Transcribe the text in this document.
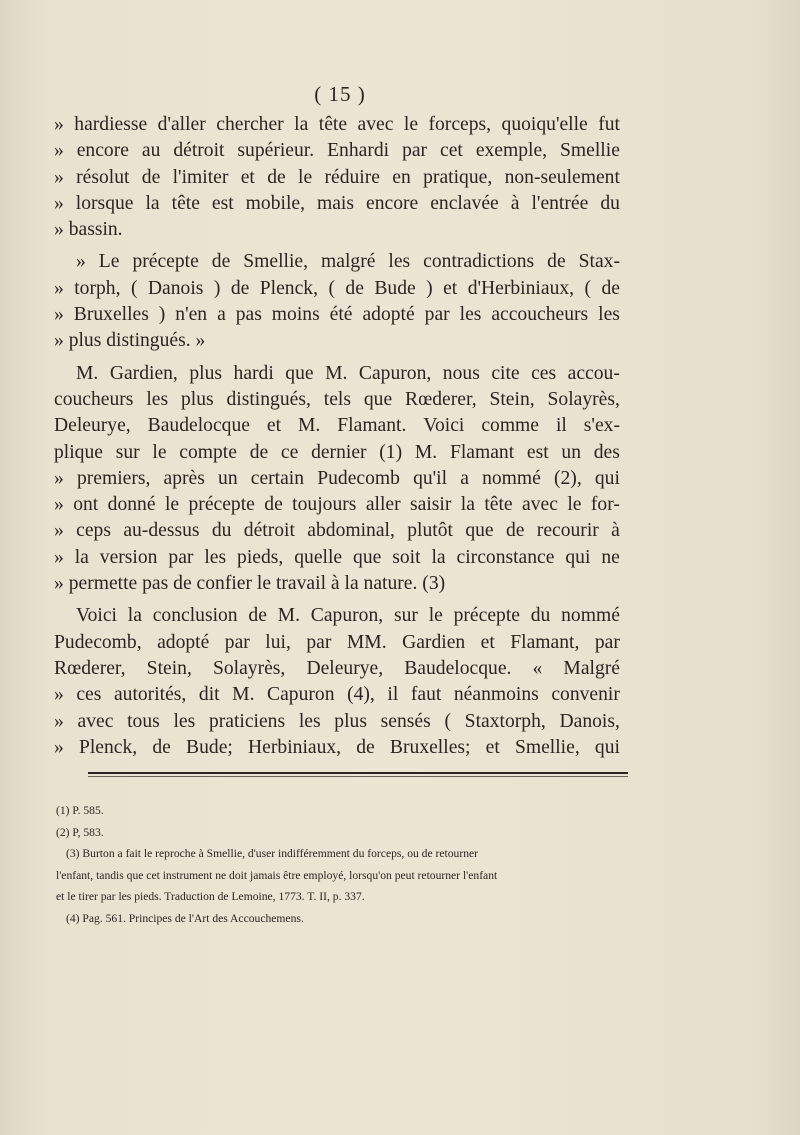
( 15 )
» hardiesse d'aller chercher la tête avec le forceps, quoiqu'elle fut
» encore au détroit supérieur. Enhardi par cet exemple, Smellie
» résolut de l'imiter et de le réduire en pratique, non-seulement
» lorsque la tête est mobile, mais encore enclavée à l'entrée du
» bassin.
» Le précepte de Smellie, malgré les contradictions de Stax-
» torph, ( Danois ) de Plenck, ( de Bude ) et d'Herbiniaux, ( de
» Bruxelles ) n'en a pas moins été adopté par les accoucheurs les
» plus distingués. »
M. Gardien, plus hardi que M. Capuron, nous cite ces accou-
coucheurs les plus distingués, tels que Rœderer, Stein, Solayrès,
Deleurye, Baudelocque et M. Flamant. Voici comme il s'ex-
plique sur le compte de ce dernier (1) M. Flamant est un des
» premiers, après un certain Pudecomb qu'il a nommé (2), qui
» ont donné le précepte de toujours aller saisir la tête avec le for-
» ceps au-dessus du détroit abdominal, plutôt que de recourir à
» la version par les pieds, quelle que soit la circonstance qui ne
» permette pas de confier le travail à la nature. (3)
Voici la conclusion de M. Capuron, sur le précepte du nommé
Pudecomb, adopté par lui, par MM. Gardien et Flamant, par
Rœderer, Stein, Solayrès, Deleurye, Baudelocque. « Malgré
» ces autorités, dit M. Capuron (4), il faut néanmoins convenir
» avec tous les praticiens les plus sensés ( Staxtorph, Danois,
» Plenck, de Bude; Herbiniaux, de Bruxelles; et Smellie, qui
(1) P. 585.
(2) P, 583.
(3) Burton a fait le reproche à Smellie, d'user indifféremment du forceps, ou de retourner
l'enfant, tandis que cet instrument ne doit jamais être employé, lorsqu'on peut retourner l'enfant
et le tirer par les pieds. Traduction de Lemoine, 1773. T. II, p. 337.
(4) Pag. 561. Principes de l'Art des Accouchemens.
